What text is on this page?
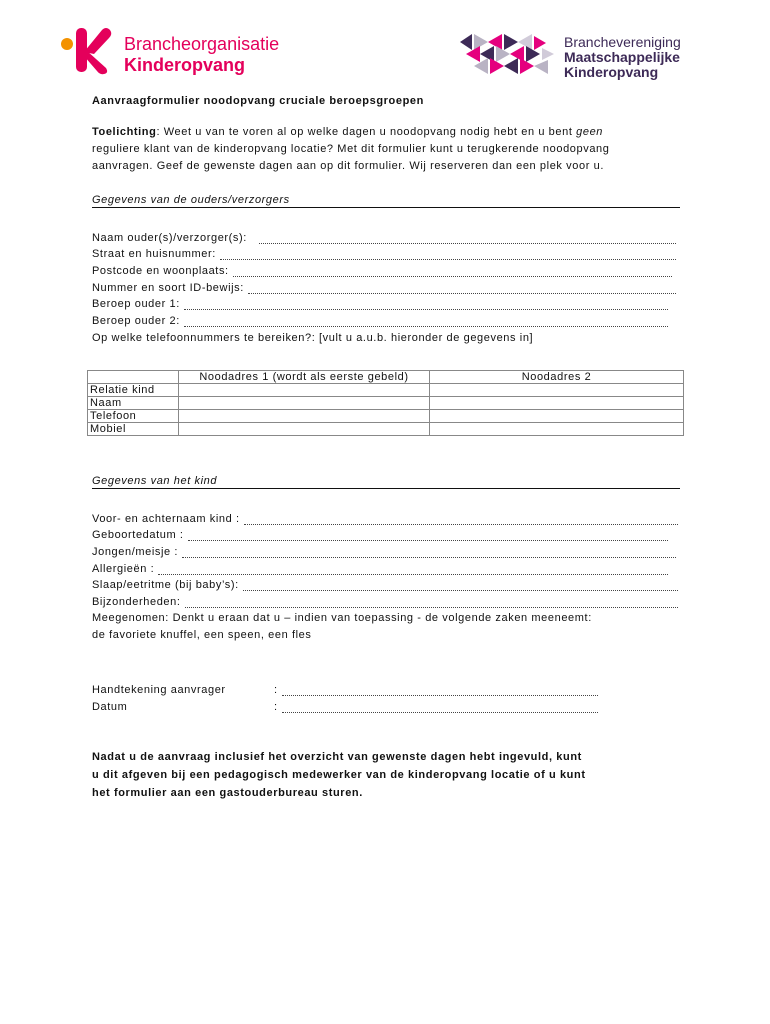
Brancheorganisatie
Kinderopvang
Branchevereniging
Maatschappelijke
Kinderopvang
Aanvraagformulier noodopvang cruciale beroepsgroepen
Toelichting: Weet u van te voren al op welke dagen u noodopvang nodig hebt en u bent geen
reguliere klant van de kinderopvang locatie? Met dit formulier kunt u terugkerende noodopvang
aanvragen. Geef de gewenste dagen aan op dit formulier. Wij reserveren dan een plek voor u.
Gegevens van de ouders/verzorgers
Naam ouder(s)/verzorger(s):
Straat en huisnummer:
Postcode en woonplaats:
Nummer en soort ID-bewijs:
Beroep ouder 1:
Beroep ouder 2:
Op welke telefoonnummers te bereiken?: [vult u a.u.b. hieronder de gegevens in]
	Noodadres 1 (wordt als eerste gebeld)	Noodadres 2
Relatie kind		
Naam		
Telefoon		
Mobiel		
Gegevens van het kind
Voor- en achternaam kind :
Geboortedatum :
Jongen/meisje :
Allergieën :
Slaap/eetritme (bij baby’s):
Bijzonderheden:
Meegenomen: Denkt u eraan dat u – indien van toepassing - de volgende zaken meeneemt:
de favoriete knuffel, een speen, een fles
Handtekening aanvrager	:
Datum	:
Nadat u de aanvraag inclusief het overzicht van gewenste dagen hebt ingevuld, kunt
u dit afgeven bij een pedagogisch medewerker van de kinderopvang locatie of u kunt
het formulier aan een gastouderbureau sturen.
